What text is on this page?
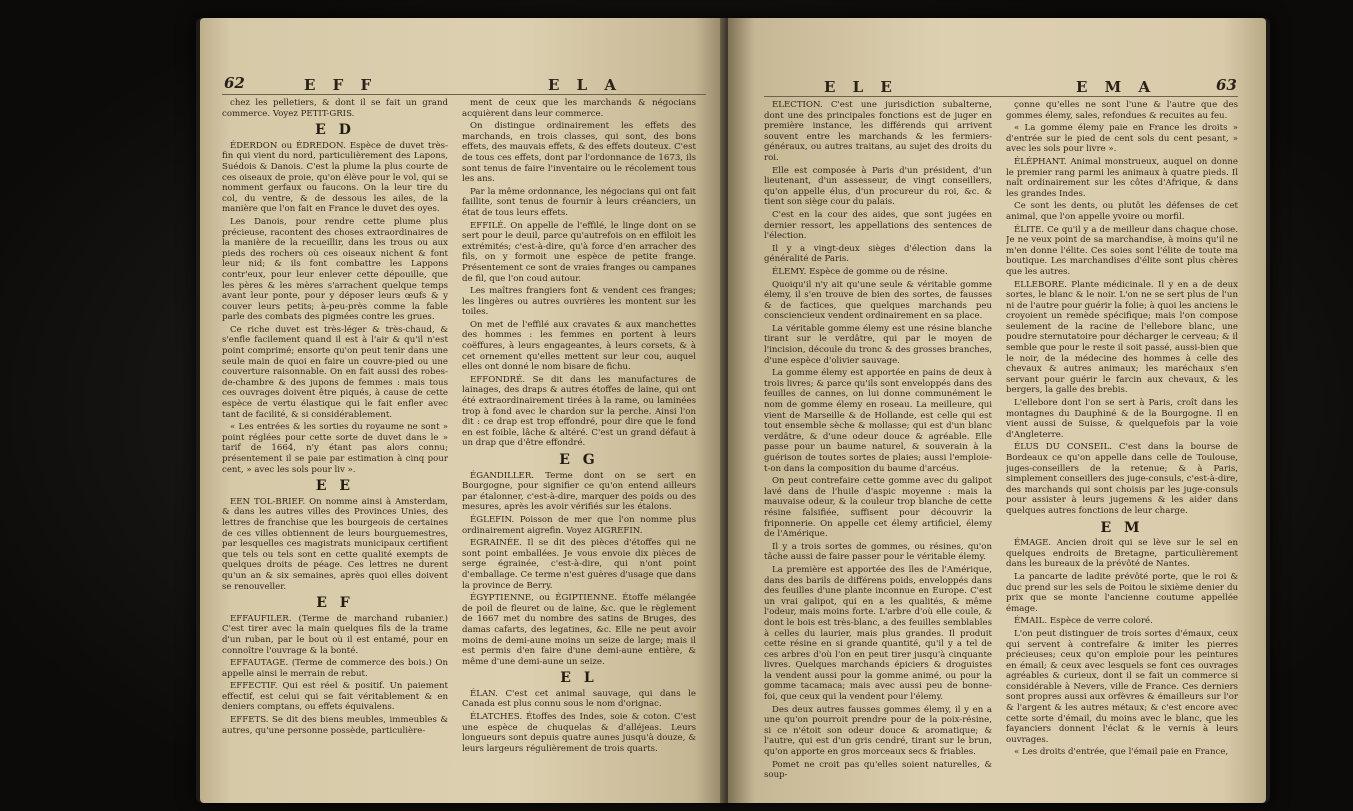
62	E F F	E L A

chez les pelletiers, & dont il se fait un grand commerce. Voyez PETIT-GRIS.

E D

ÉDERDON ou ÉDREDON. Espèce de duvet très-fin qui vient du nord, particulièrement des Lapons, Suédois & Danois. C'est la plume la plus courte de ces oiseaux de proie, qu'on élève pour le vol, qui se nomment gerfaux ou faucons. On la leur tire du col, du ventre, & de dessous les ailes, de la manière que l'on fait en France le duvet des oyes.

Les Danois, pour rendre cette plume plus précieuse, racontent des choses extraordinaires de la manière de la recueillir, dans les trous ou aux pieds des rochers où ces oiseaux nichent & font leur nid; & ils font combattre les Lappons contr'eux, pour leur enlever cette dépouille, que les pères & les mères s'arrachent quelque temps avant leur ponte, pour y déposer leurs œufs & y couver leurs petits; à-peu-près comme la fable parle des combats des pigmées contre les grues.

Ce riche duvet est très-léger & très-chaud, & s'enfle facilement quand il est à l'air & qu'il n'est point comprimé; ensorte qu'on peut tenir dans une seule main de quoi en faire un couvre-pied ou une couverture raisonnable. On en fait aussi des robes-de-chambre & des jupons de femmes : mais tous ces ouvrages doivent être piqués, à cause de cette espèce de vertu élastique qui le fait enfler avec tant de facilité, & si considérablement.

« Les entrées & les sorties du royaume ne sont » point réglées pour cette sorte de duvet dans le » tarif de 1664, n'y étant pas alors connu; présentement il se paie par estimation à cinq pour cent, » avec les sols pour liv ».

E E

EEN TOL-BRIEF. On nomme ainsi à Amsterdam, & dans les autres villes des Provinces Unies, des lettres de franchise que les bourgeois de certaines de ces villes obtiennent de leurs bourguemestres, par lesquelles ces magistrats municipaux certifient que tels ou tels sont en cette qualité exempts de quelques droits de péage. Ces lettres ne durent qu'un an & six semaines, après quoi elles doivent se renouveller.

E F

EFFAUFILER. (Terme de marchand rubanier.) C'est tirer avec la main quelques fils de la trame d'un ruban, par le bout où il est entamé, pour en connoître l'ouvrage & la bonté.

EFFAUTAGE. (Terme de commerce des bois.) On appelle ainsi le merrain de rebut.

EFFECTIF. Qui est réel & positif. Un paiement effectif, est celui qui se fait véritablement & en deniers comptans, ou effets équivalens.

EFFETS. Se dit des biens meubles, immeubles & autres, qu'une personne possède, particulière-

ment de ceux que les marchands & négocians acquièrent dans leur commerce.

On distingue ordinairement les effets des marchands, en trois classes, qui sont, des bons effets, des mauvais effets, & des effets douteux. C'est de tous ces effets, dont par l'ordonnance de 1673, ils sont tenus de faire l'inventaire ou le récolement tous les ans.

Par la même ordonnance, les négocians qui ont fait faillite, sont tenus de fournir à leurs créanciers, un état de tous leurs effets.

EFFILÉ. On appelle de l'effilé, le linge dont on se sert pour le deuil, parce qu'autrefois on en effiloit les extrémités; c'est-à-dire, qu'à force d'en arracher des fils, on y formoit une espèce de petite frange. Présentement ce sont de vraies franges ou campanes de fil, que l'on coud autour.

Les maîtres frangiers font & vendent ces franges; les lingères ou autres ouvrières les montent sur les toiles.

On met de l'effilé aux cravates & aux manchettes des hommes : les femmes en portent à leurs coëffures, à leurs engageantes, à leurs corsets, & à cet ornement qu'elles mettent sur leur cou, auquel elles ont donné le nom bisare de fichu.

EFFONDRÉ. Se dit dans les manufactures de lainages, des draps & autres étoffes de laine, qui ont été extraordinairement tirées à la rame, ou laminées trop à fond avec le chardon sur la perche. Ainsi l'on dit : ce drap est trop effondré, pour dire que le fond en est foible, lâche & altéré. C'est un grand défaut à un drap que d'être effondré.

E G

ÉGANDILLER. Terme dont on se sert en Bourgogne, pour signifier ce qu'on entend ailleurs par étalonner, c'est-à-dire, marquer des poids ou des mesures, après les avoir vérifiés sur les étalons.

ÉGLEFIN. Poisson de mer que l'on nomme plus ordinairement aigrefin. Voyez AIGREFIN.

EGRAINÉE. Il se dit des pièces d'étoffes qui ne sont point emballées. Je vous envoie dix pièces de serge égrainée, c'est-à-dire, qui n'ont point d'emballage. Ce terme n'est guères d'usage que dans la province de Berry.

ÉGYPTIENNE, ou ÉGIPTIENNE. Étoffe mélangée de poil de fleuret ou de laine, &c. que le règlement de 1667 met du nombre des satins de Bruges, des damas cafarts, des legatines, &c. Elle ne peut avoir moins de demi-aune moins un seize de large; mais il est permis d'en faire d'une demi-aune entière, & même d'une demi-aune un seize.

E L

ÉLAN. C'est cet animal sauvage, qui dans le Canada est plus connu sous le nom d'orignac.

ÉLATCHES. Étoffes des Indes, soie & coton. C'est une espèce de chuquelas & d'alléjeas. Leurs longueurs sont depuis quatre aunes jusqu'à douze, & leurs largeurs régulièrement de trois quarts.

E L E	E M A	63

ÉLECTION. C'est une jurisdiction subalterne, dont une des principales fonctions est de juger en première instance, les différends qui arrivent souvent entre les marchands & les fermiers-généraux, ou autres traitans, au sujet des droits du roi.

Elle est composée à Paris d'un président, d'un lieutenant, d'un assesseur, de vingt conseillers, qu'on appelle élus, d'un procureur du roi, &c. & tient son siège cour du palais.

C'est en la cour des aides, que sont jugées en dernier ressort, les appellations des sentences de l'élection.

Il y a vingt-deux sièges d'élection dans la généralité de Paris.

ÉLEMY. Espèce de gomme ou de résine.

Quoiqu'il n'y ait qu'une seule & véritable gomme élemy, il s'en trouve de bien des sortes, de fausses & de factices, que quelques marchands peu consciencieux vendent ordinairement en sa place.

La véritable gomme élemy est une résine blanche tirant sur le verdâtre, qui par le moyen de l'incision, découle du tronc & des grosses branches, d'une espèce d'olivier sauvage.

La gomme élemy est apportée en pains de deux à trois livres; & parce qu'ils sont enveloppés dans des feuilles de cannes, on lui donne communément le nom de gomme élemy en roseau. La meilleure, qui vient de Marseille & de Hollande, est celle qui est tout ensemble sèche & mollasse; qui est d'un blanc verdâtre, & d'une odeur douce & agréable. Elle passe pour un baume naturel, & souverain à la guérison de toutes sortes de plaies; aussi l'emploie-t-on dans la composition du baume d'arcéus.

On peut contrefaire cette gomme avec du galipot lavé dans de l'huile d'aspic moyenne : mais la mauvaise odeur, & la couleur trop blanche de cette résine falsifiée, suffisent pour découvrir la friponnerie. On appelle cet élemy artificiel, élemy de l'Amérique.

Il y a trois sortes de gommes, ou résines, qu'on tâche aussi de faire passer pour le véritable élemy.

La première est apportée des îles de l'Amérique, dans des barils de différens poids, enveloppés dans des feuilles d'une plante inconnue en Europe. C'est un vrai galipot, qui en a les qualités, & même l'odeur, mais moins forte. L'arbre d'où elle coule, & dont le bois est très-blanc, a des feuilles semblables à celles du laurier, mais plus grandes. Il produit cette résine en si grande quantité, qu'il y a tel de ces arbres d'où l'on en peut tirer jusqu'à cinquante livres. Quelques marchands épiciers & droguistes la vendent aussi pour la gomme animé, ou pour la gomme tacamaca; mais avec aussi peu de bonne-foi, que ceux qui la vendent pour l'élemy.

Des deux autres fausses gommes élemy, il y en a une qu'on pourroit prendre pour de la poix-résine, si ce n'étoit son odeur douce & aromatique; & l'autre, qui est d'un gris cendré, tirant sur le brun, qu'on apporte en gros morceaux secs & friables.

Pomet ne croit pas qu'elles soient naturelles, & soup-

çonne qu'elles ne sont l'une & l'autre que des gommes élemy, sales, refondues & recuites au feu.

« La gomme élemy paie en France les droits » d'entrée sur le pied de cent sols du cent pesant, » avec les sols pour livre ».

ÉLÉPHANT. Animal monstrueux, auquel on donne le premier rang parmi les animaux à quatre pieds. Il naît ordinairement sur les côtes d'Afrique, & dans les grandes Indes.

Ce sont les dents, ou plutôt les défenses de cet animal, que l'on appelle yvoire ou morfil.

ÉLITE. Ce qu'il y a de meilleur dans chaque chose. Je ne veux point de sa marchandise, à moins qu'il ne m'en donne l'élite. Ces soies sont l'élite de toute ma boutique. Les marchandises d'élite sont plus chères que les autres.

ELLEBORE. Plante médicinale. Il y en a de deux sortes, le blanc & le noir. L'on ne se sert plus de l'un ni de l'autre pour guérir la folie; à quoi les anciens le croyoient un remède spécifique; mais l'on compose seulement de la racine de l'ellebore blanc, une poudre sternutatoire pour décharger le cerveau; & il semble que pour le reste il soit passé, aussi-bien que le noir, de la médecine des hommes à celle des chevaux & autres animaux; les maréchaux s'en servant pour guérir le farcin aux chevaux, & les bergers, la galle des brebis.

L'ellebore dont l'on se sert à Paris, croît dans les montagnes du Dauphiné & de la Bourgogne. Il en vient aussi de Suisse, & quelquefois par la voie d'Angleterre.

ÉLUS DU CONSEIL. C'est dans la bourse de Bordeaux ce qu'on appelle dans celle de Toulouse, juges-conseillers de la retenue; & à Paris, simplement conseillers des juge-consuls, c'est-à-dire, des marchands qui sont choisis par les juge-consuls pour assister à leurs jugemens & les aider dans quelques autres fonctions de leur charge.

E M

ÉMAGE. Ancien droit qui se lève sur le sel en quelques endroits de Bretagne, particulièrement dans les bureaux de la prévôté de Nantes.

La pancarte de ladite prévôté porte, que le roi & duc prend sur les sels de Poitou le sixième denier du prix que se monte l'ancienne coutume appellée émage.

ÉMAIL. Espèce de verre coloré.

L'on peut distinguer de trois sortes d'émaux, ceux qui servent à contrefaire & imiter les pierres précieuses; ceux qu'on emploie pour les peintures en émail; & ceux avec lesquels se font ces ouvrages agréables & curieux, dont il se fait un commerce si considérable à Nevers, ville de France. Ces derniers sont propres aussi aux orfèvres & émailleurs sur l'or & l'argent & les autres métaux; & c'est encore avec cette sorte d'émail, du moins avec le blanc, que les fayanciers donnent l'éclat & le vernis à leurs ouvrages.

« Les droits d'entrée, que l'émail paie en France,
